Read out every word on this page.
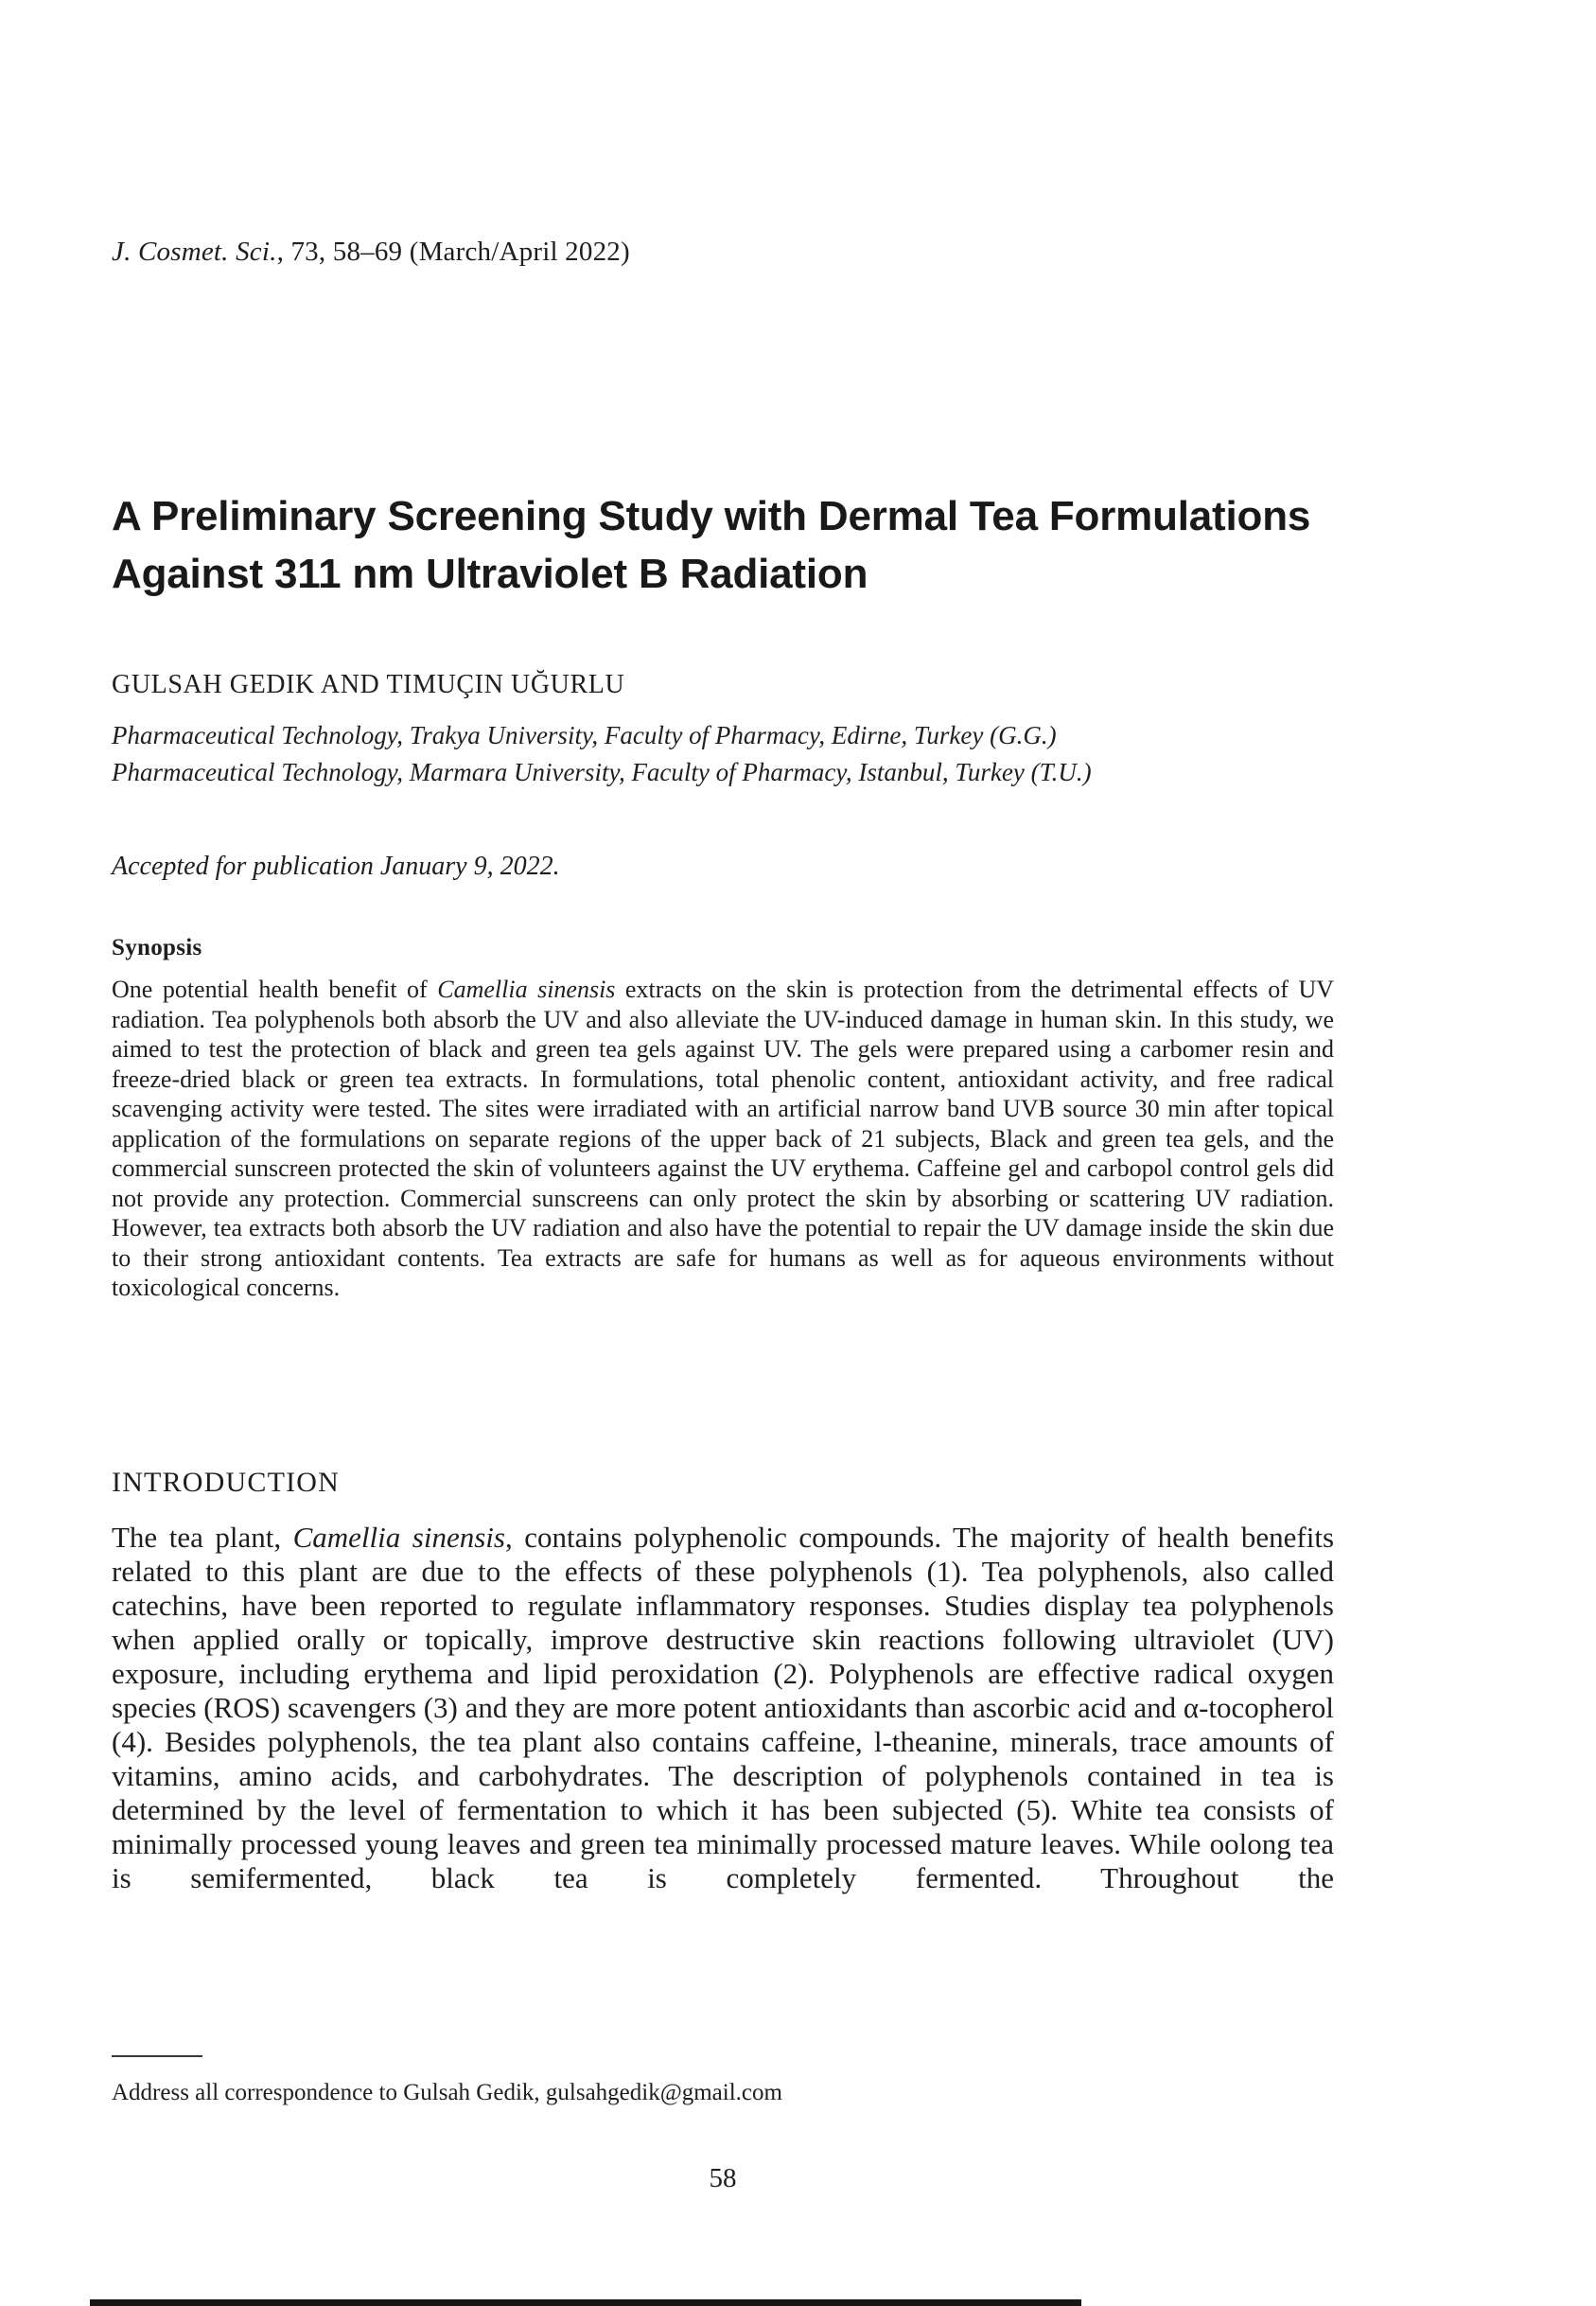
J. Cosmet. Sci., 73, 58–69 (March/April 2022)

A Preliminary Screening Study with Dermal Tea Formulations Against 311 nm Ultraviolet B Radiation

GULSAH GEDIK AND TIMUÇIN UĞURLU

Pharmaceutical Technology, Trakya University, Faculty of Pharmacy, Edirne, Turkey (G.G.)

Pharmaceutical Technology, Marmara University, Faculty of Pharmacy, Istanbul, Turkey (T.U.)

Accepted for publication January 9, 2022.

Synopsis

One potential health benefit of Camellia sinensis extracts on the skin is protection from the detrimental effects of UV radiation. Tea polyphenols both absorb the UV and also alleviate the UV-induced damage in human skin. In this study, we aimed to test the protection of black and green tea gels against UV. The gels were prepared using a carbomer resin and freeze-dried black or green tea extracts. In formulations, total phenolic content, antioxidant activity, and free radical scavenging activity were tested. The sites were irradiated with an artificial narrow band UVB source 30 min after topical application of the formulations on separate regions of the upper back of 21 subjects, Black and green tea gels, and the commercial sunscreen protected the skin of volunteers against the UV erythema. Caffeine gel and carbopol control gels did not provide any protection. Commercial sunscreens can only protect the skin by absorbing or scattering UV radiation. However, tea extracts both absorb the UV radiation and also have the potential to repair the UV damage inside the skin due to their strong antioxidant contents. Tea extracts are safe for humans as well as for aqueous environments without toxicological concerns.

INTRODUCTION

The tea plant, Camellia sinensis, contains polyphenolic compounds. The majority of health benefits related to this plant are due to the effects of these polyphenols (1). Tea polyphenols, also called catechins, have been reported to regulate inflammatory responses. Studies display tea polyphenols when applied orally or topically, improve destructive skin reactions following ultraviolet (UV) exposure, including erythema and lipid peroxidation (2). Polyphenols are effective radical oxygen species (ROS) scavengers (3) and they are more potent antioxidants than ascorbic acid and α-tocopherol (4). Besides polyphenols, the tea plant also contains caffeine, l-theanine, minerals, trace amounts of vitamins, amino acids, and carbohydrates. The description of polyphenols contained in tea is determined by the level of fermentation to which it has been subjected (5). White tea consists of minimally processed young leaves and green tea minimally processed mature leaves. While oolong tea is semifermented, black tea is completely fermented. Throughout the

Address all correspondence to Gulsah Gedik, gulsahgedik@gmail.com

58
